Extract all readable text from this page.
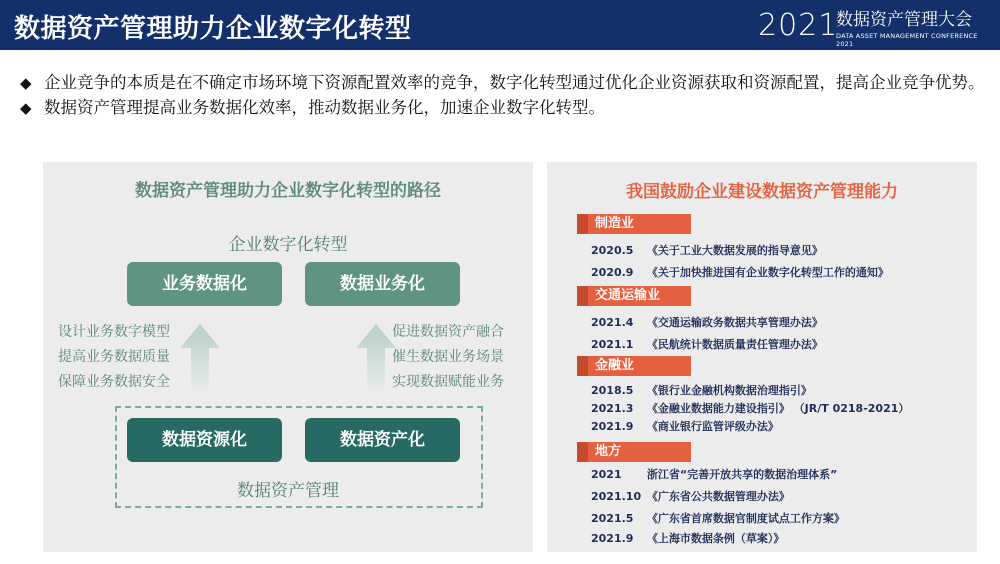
数据资产管理助力企业数字化转型	2021
数据资产管理大会
DATA ASSET MANAGEMENT CONFERENCE 2021
◆ 企业竞争的本质是在不确定市场环境下资源配置效率的竞争，数字化转型通过优化企业资源获取和资源配置，提高企业竞争优势。
◆ 数据资产管理提高业务数据化效率，推动数据业务化，加速企业数字化转型。
数据资产管理助力企业数字化转型的路径
企业数字化转型
业务数据化	数据业务化
设计业务数字模型
提高业务数据质量
保障业务数据安全
促进数据资产融合
催生数据业务场景
实现数据赋能业务
数据资源化	数据资产化
数据资产管理
我国鼓励企业建设数据资产管理能力
制造业
2020.5 《关于工业大数据发展的指导意见》
2020.9 《关于加快推进国有企业数字化转型工作的通知》
交通运输业
2021.4 《交通运输政务数据共享管理办法》
2021.1 《民航统计数据质量责任管理办法》
金融业
2018.5 《银行业金融机构数据治理指引》
2021.3 《金融业数据能力建设指引》 （JR/T 0218-2021）
2021.9 《商业银行监管评级办法》
地方
2021 浙江省“完善开放共享的数据治理体系”
2021.10 《广东省公共数据管理办法》
2021.5 《广东省首席数据官制度试点工作方案》
2021.9 《上海市数据条例（草案）》
